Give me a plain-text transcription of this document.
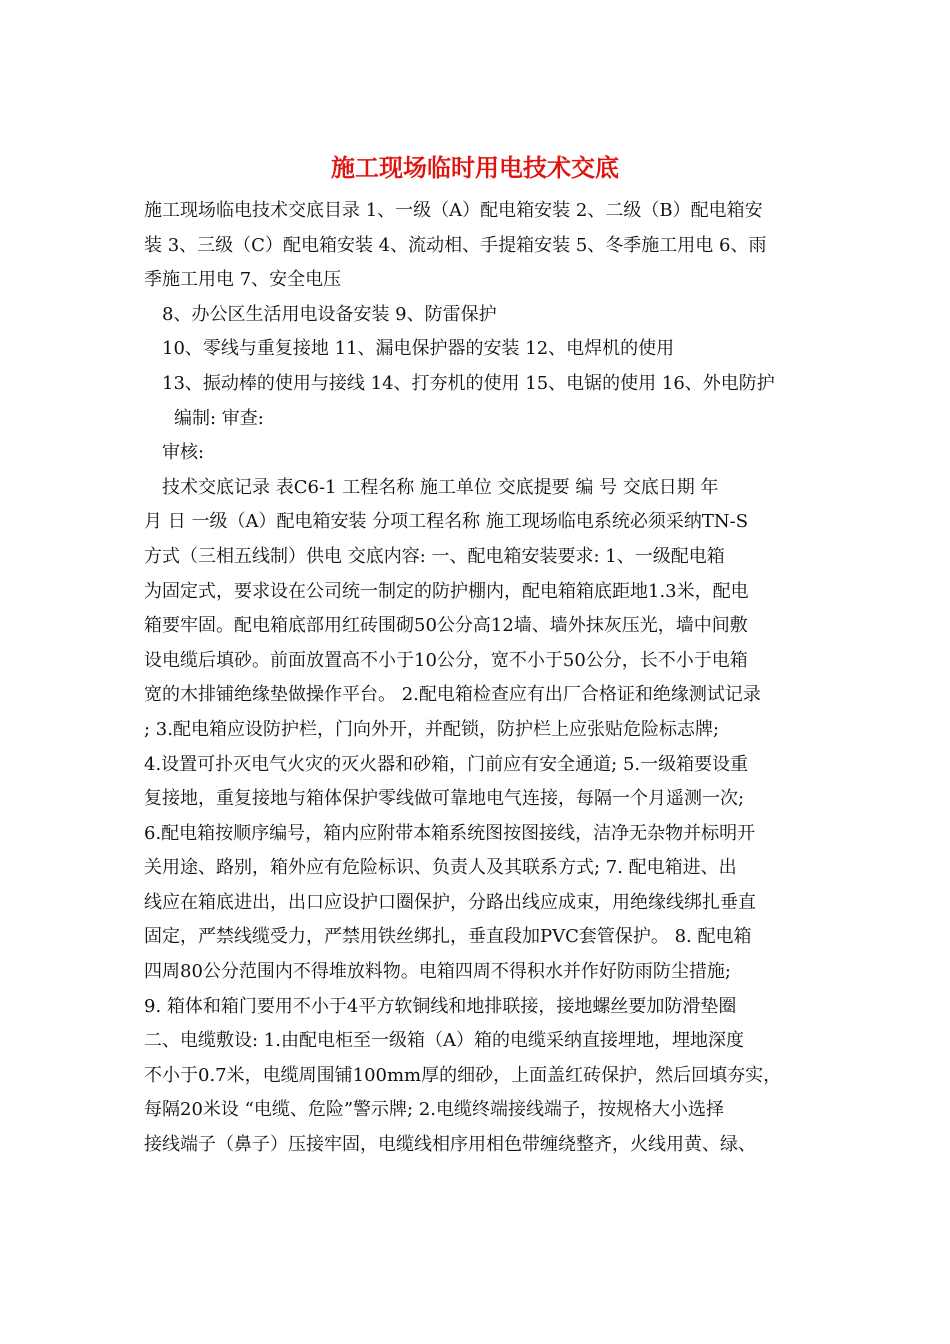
施工现场临时用电技术交底
施工现场临电技术交底目录 1、一级（A）配电箱安装 2、二级（B）配电箱安
装 3、三级（C）配电箱安装 4、流动相、手提箱安装 5、冬季施工用电 6、雨
季施工用电 7、安全电压
8、办公区生活用电设备安装 9、防雷保护
10、零线与重复接地 11、漏电保护器的安装 12、电焊机的使用
13、振动棒的使用与接线 14、打夯机的使用 15、电锯的使用 16、外电防护
编制: 审查:
审核:
技术交底记录 表C6-1 工程名称 施工单位 交底提要 编 号 交底日期 年
月 日 一级（A）配电箱安装 分项工程名称 施工现场临电系统必须采纳TN-S
方式（三相五线制）供电 交底内容: 一、配电箱安装要求: 1、一级配电箱
为固定式，要求设在公司统一制定的防护棚内，配电箱箱底距地1.3米，配电
箱要牢固。配电箱底部用红砖围砌50公分高12墙、墙外抹灰压光，墙中间敷
设电缆后填砂。前面放置高不小于10公分，宽不小于50公分，长不小于电箱
宽的木排铺绝缘垫做操作平台。 2.配电箱检查应有出厂合格证和绝缘测试记录
; 3.配电箱应设防护栏，门向外开，并配锁，防护栏上应张贴危险标志牌;
4.设置可扑灭电气火灾的灭火器和砂箱，门前应有安全通道; 5.一级箱要设重
复接地，重复接地与箱体保护零线做可靠地电气连接，每隔一个月遥测一次;
6.配电箱按顺序编号，箱内应附带本箱系统图按图接线，洁净无杂物并标明开
关用途、路别，箱外应有危险标识、负责人及其联系方式; 7. 配电箱进、出
线应在箱底进出，出口应设护口圈保护，分路出线应成束，用绝缘线绑扎垂直
固定，严禁线缆受力，严禁用铁丝绑扎，垂直段加PVC套管保护。 8. 配电箱
四周80公分范围内不得堆放料物。电箱四周不得积水并作好防雨防尘措施;
9. 箱体和箱门要用不小于4平方软铜线和地排联接，接地螺丝要加防滑垫圈
二、电缆敷设: 1.由配电柜至一级箱（A）箱的电缆采纳直接埋地，埋地深度
不小于0.7米，电缆周围铺100mm厚的细砂，上面盖红砖保护，然后回填夯实，
每隔20米设 “电缆、危险”警示牌; 2.电缆终端接线端子，按规格大小选择
接线端子（鼻子）压接牢固，电缆线相序用相色带缠绕整齐，火线用黄、绿、
